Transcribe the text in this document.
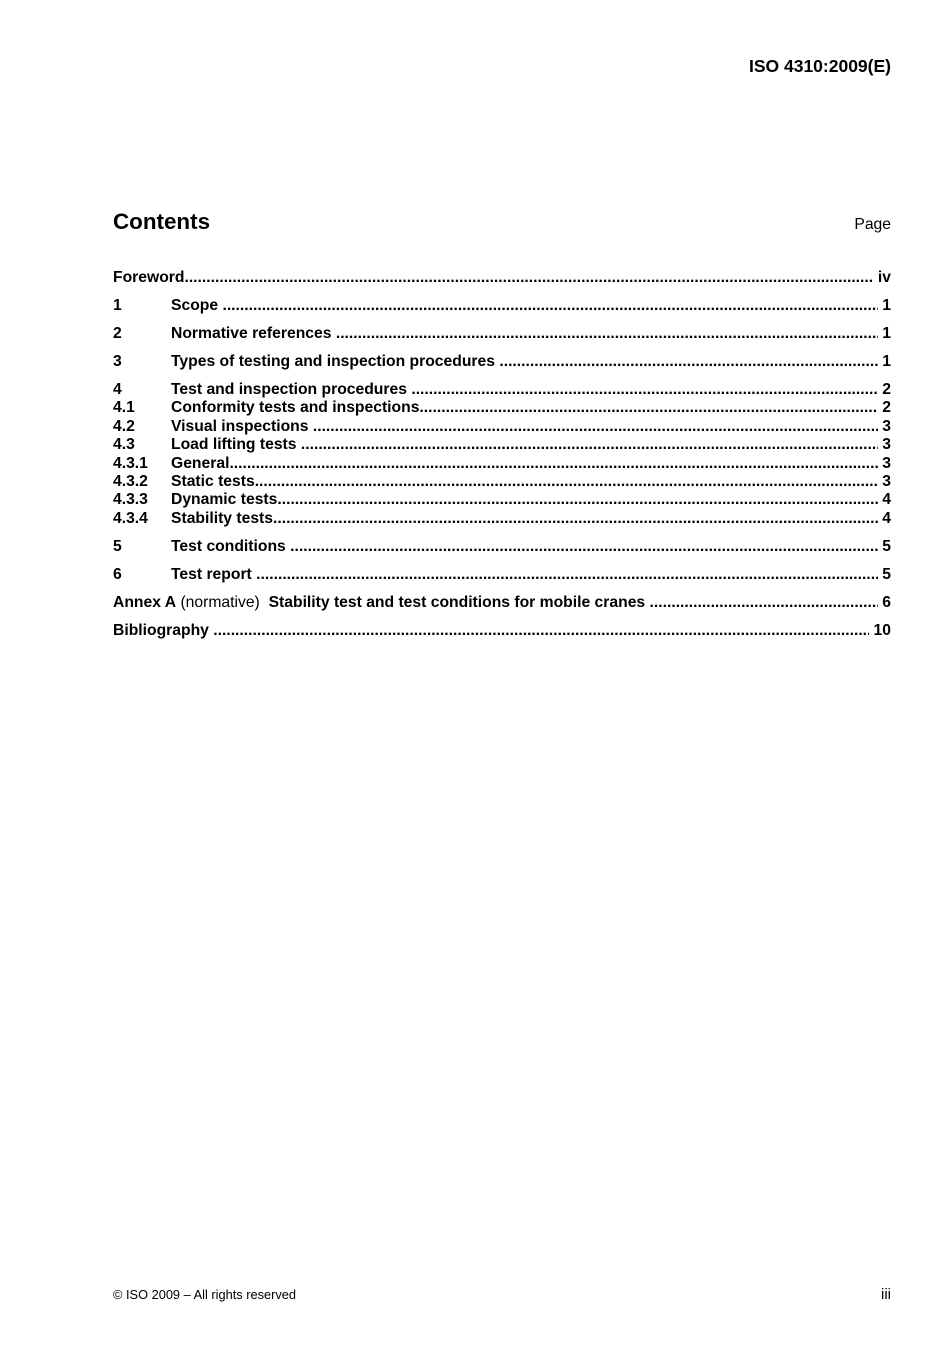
ISO 4310:2009(E)
Contents	Page
Foreword .....	iv
1	Scope .....	1
2	Normative references .....	1
3	Types of testing and inspection procedures .....	1
4	Test and inspection procedures .....	2
4.1	Conformity tests and inspections .....	2
4.2	Visual inspections .....	3
4.3	Load lifting tests .....	3
4.3.1	General .....	3
4.3.2	Static tests .....	3
4.3.3	Dynamic tests .....	4
4.3.4	Stability tests .....	4
5	Test conditions .....	5
6	Test report .....	5
Annex A (normative) Stability test and test conditions for mobile cranes .....	6
Bibliography .....	10
© ISO 2009 – All rights reserved	iii
